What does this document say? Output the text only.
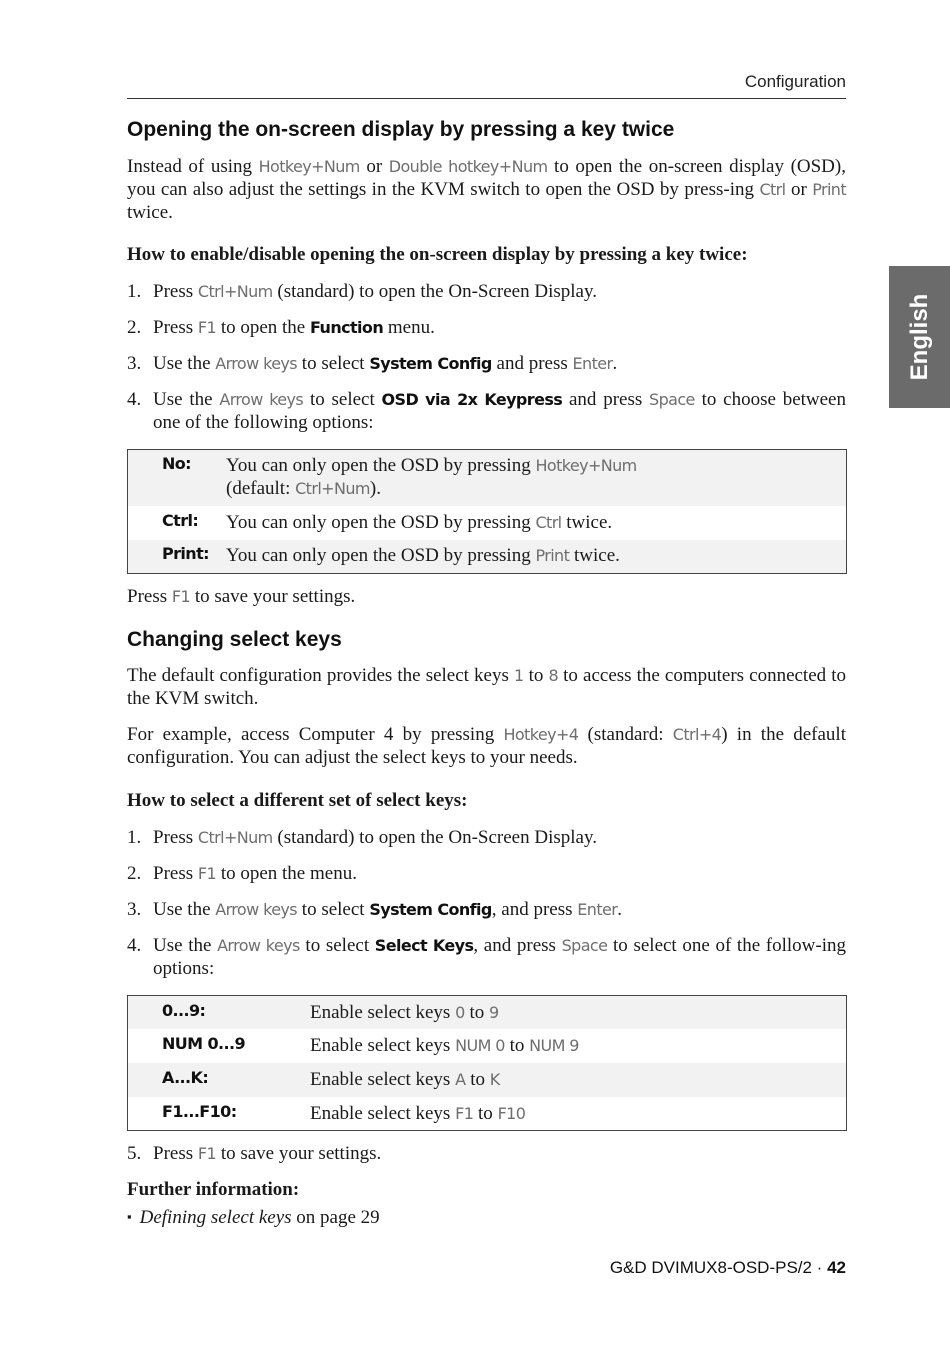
Configuration
English
Opening the on-screen display by pressing a key twice

Instead of using Hotkey+Num or Double hotkey+Num to open the on-screen display (OSD), you can also adjust the settings in the KVM switch to open the OSD by press-ing Ctrl or Print twice.

How to enable/disable opening the on-screen display by pressing a key twice:
1. Press Ctrl+Num (standard) to open the On-Screen Display.
2. Press F1 to open the Function menu.
3. Use the Arrow keys to select System Config and press Enter.
4. Use the Arrow keys to select OSD via 2x Keypress and press Space to choose between one of the following options:
No: You can only open the OSD by pressing Hotkey+Num
(default: Ctrl+Num).
Ctrl: You can only open the OSD by pressing Ctrl twice.
Print: You can only open the OSD by pressing Print twice.

Press F1 to save your settings.

Changing select keys

The default configuration provides the select keys 1 to 8 to access the computers connected to the KVM switch.

For example, access Computer 4 by pressing Hotkey+4 (standard: Ctrl+4) in the default configuration. You can adjust the select keys to your needs.

How to select a different set of select keys:
1. Press Ctrl+Num (standard) to open the On-Screen Display.
2. Press F1 to open the menu.
3. Use the Arrow keys to select System Config, and press Enter.
4. Use the Arrow keys to select Select Keys, and press Space to select one of the follow-ing options:
0...9:	Enable select keys 0 to 9
NUM 0...9	Enable select keys NUM 0 to NUM 9
A...K:	Enable select keys A to K
F1...F10:	Enable select keys F1 to F10
5. Press F1 to save your settings.
Further information:

▪ Defining select keys on page 29

G&D DVIMUX8-OSD-PS/2 · 42
